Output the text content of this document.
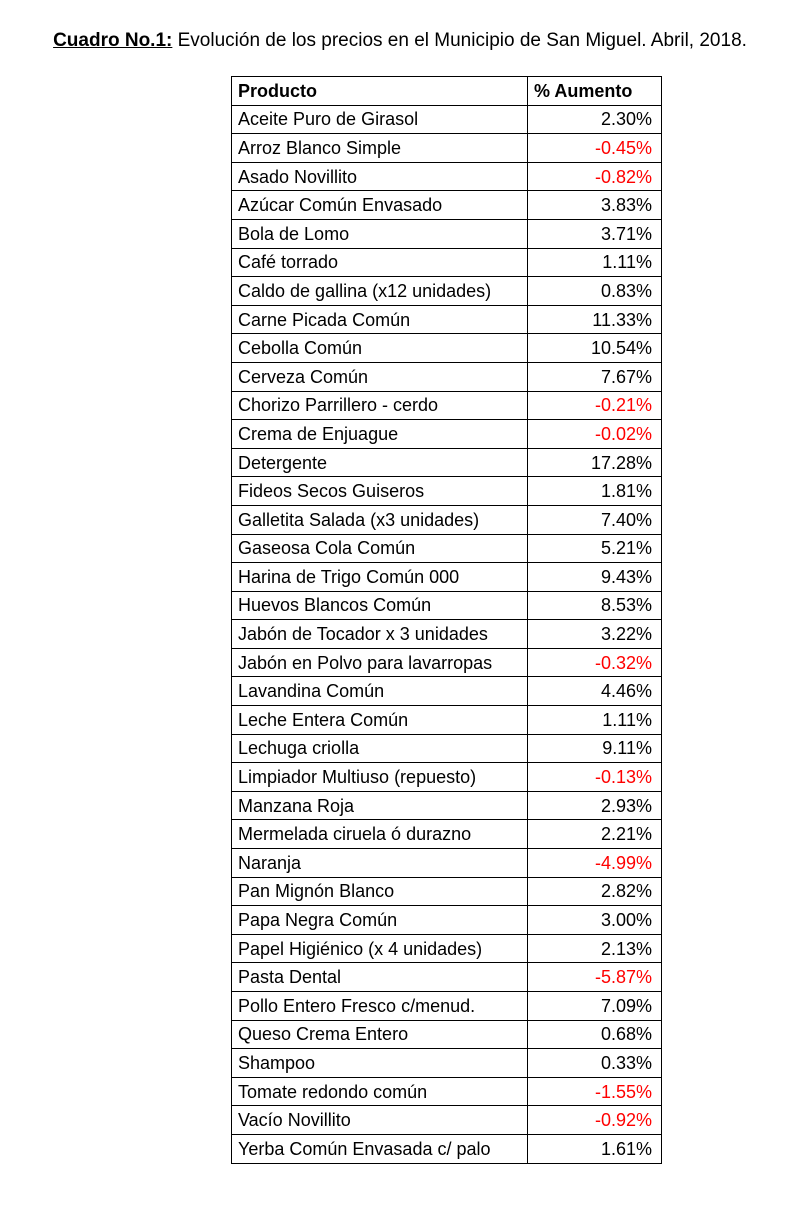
Cuadro No.1: Evolución de los precios en el Municipio de San Miguel. Abril, 2018.
Producto	% Aumento
Aceite Puro de Girasol	2.30%
Arroz Blanco Simple	-0.45%
Asado Novillito	-0.82%
Azúcar Común Envasado	3.83%
Bola de Lomo	3.71%
Café torrado	1.11%
Caldo de gallina (x12 unidades)	0.83%
Carne Picada Común	11.33%
Cebolla Común	10.54%
Cerveza Común	7.67%
Chorizo Parrillero - cerdo	-0.21%
Crema de Enjuague	-0.02%
Detergente	17.28%
Fideos Secos Guiseros	1.81%
Galletita Salada (x3 unidades)	7.40%
Gaseosa Cola Común	5.21%
Harina de Trigo Común 000	9.43%
Huevos Blancos Común	8.53%
Jabón de Tocador x 3 unidades	3.22%
Jabón en Polvo para lavarropas	-0.32%
Lavandina Común	4.46%
Leche Entera Común	1.11%
Lechuga criolla	9.11%
Limpiador Multiuso (repuesto)	-0.13%
Manzana Roja	2.93%
Mermelada ciruela ó durazno	2.21%
Naranja	-4.99%
Pan Mignón Blanco	2.82%
Papa Negra Común	3.00%
Papel Higiénico (x 4 unidades)	2.13%
Pasta Dental	-5.87%
Pollo Entero Fresco c/menud.	7.09%
Queso Crema Entero	0.68%
Shampoo	0.33%
Tomate redondo común	-1.55%
Vacío Novillito	-0.92%
Yerba Común Envasada c/ palo	1.61%
